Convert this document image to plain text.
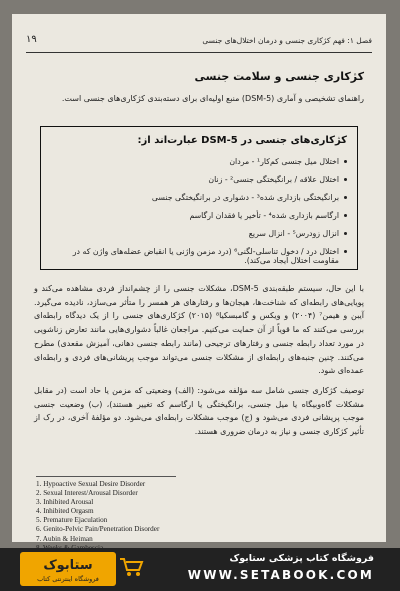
۱۹	فصل ۱: فهم کژکاری جنسی و درمان اختلال‌های جنسی
کژکاری جنسی و سلامت جنسی
راهنمای تشخیصی و آماری (DSM-5) منبع اولیه‌ای برای دسته‌بندی کژکاری‌های جنسی است.
کژکاری‌های جنسی در DSM-5 عبارت‌اند از:
اختلال میل جنسی کم‌کار¹ - مردان
اختلال علاقه / برانگیختگی جنسی² - زنان
برانگیختگی بازداری شده³ - دشواری در برانگیختگی جنسی
ارگاسم بازداری شده⁴ - تأخیر یا فقدان ارگاسم
انزال زودرس⁵ - انزال سریع
اختلال درد / دخول تناسلی-لگنی⁶ (درد مزمن واژنی یا انقباض عضله‌های واژن که در مقاومت اختلال ایجاد می‌کند).

با این حال، سیستم طبقه‌بندی DSM-5، مشکلات جنسی را از چشم‌انداز فردی مشاهده می‌کند و پویایی‌های رابطه‌ای که شناخت‌ها، هیجان‌ها و رفتارهای هر همسر را متأثر می‌سازد، نادیده می‌گیرد. آیبن و هیمن⁷ (۲۰۰۴) و ویکس و گامبسکیا⁸ (۲۰۱۵) کژکاری‌های جنسی را از یک دیدگاه رابطه‌ای بررسی می‌کنند که ما قویاً از آن حمایت می‌کنیم. مراجعان غالباً دشواری‌هایی مانند تعارض زناشویی در مورد تعداد رابطه جنسی و رفتارهای ترجیحی (مانند رابطه جنسی دهانی، آمیزش مقعدی) مطرح می‌کنند. چنین جنبه‌های رابطه‌ای از مشکلات جنسی می‌تواند موجب پریشانی‌های فردی و رابطه‌ای عمده‌ای شود.

توصیف کژکاری جنسی شامل سه مؤلفه می‌شود: (الف) وضعیتی که مزمن یا حاد است (در مقابل مشکلات گاه‌وبیگاه یا میل جنسی، برانگیختگی یا ارگاسم که تغییر هستند)، (ب) وضعیت جنسی موجب پریشانی فردی می‌شود و (ج) موجب مشکلات رابطه‌ای می‌شود. دو مؤلفهٔ آخری، در رک از تأثیر کژکاری جنسی و نیاز به درمان ضروری هستند.

1. Hypoactive Sexual Desire Disorder
2. Sexual Interest/Arousal Disorder
3. Inhibited Arousal
4. Inhibited Orgasm
5. Premature Ejaculation
6. Genito-Pelvic Pain/Penetration Disorder
7. Aubin & Heiman
ستابوک
فروشگاه اینترنتی کتاب
فروشگاه کتاب پزشکی ستابوک
WWW.SETABOOK.COM
